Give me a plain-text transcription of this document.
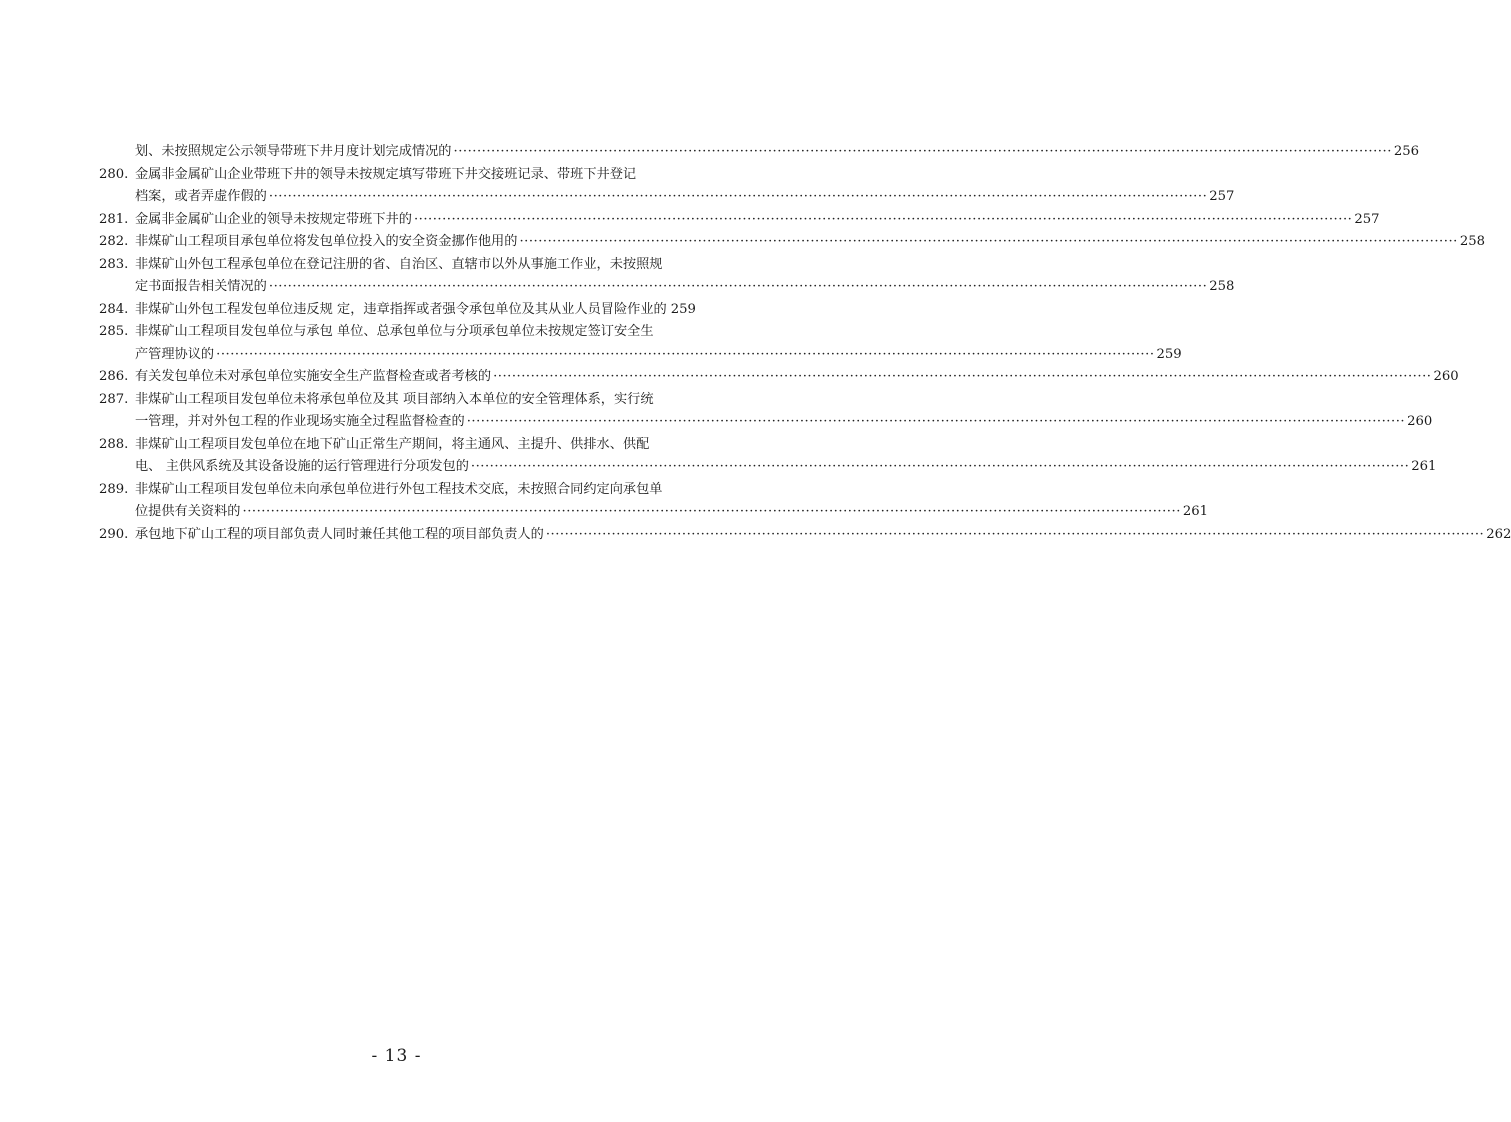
划、未按照规定公示领导带班下井月度计划完成情况的 ········································································································································································································ 256
280. 金属非金属矿山企业带班下井的领导未按规定填写带班下井交接班记录、带班下井登记
档案，或者弄虚作假的 ········································································································································································································ 257
281. 金属非金属矿山企业的领导未按规定带班下井的 ········································································································································································································ 257
282. 非煤矿山工程项目承包单位将发包单位投入的安全资金挪作他用的 ········································································································································································································ 258
283. 非煤矿山外包工程承包单位在登记注册的省、自治区、直辖市以外从事施工作业，未按照规
定书面报告相关情况的 ········································································································································································································ 258
284. 非煤矿山外包工程发包单位违反规 定，违章指挥或者强令承包单位及其从业人员冒险作业的 259
285. 非煤矿山工程项目发包单位与承包 单位、总承包单位与分项承包单位未按规定签订安全生
产管理协议的 ········································································································································································································ 259
286. 有关发包单位未对承包单位实施安全生产监督检查或者考核的 ········································································································································································································ 260
287. 非煤矿山工程项目发包单位未将承包单位及其 项目部纳入本单位的安全管理体系，实行统
一管理，并对外包工程的作业现场实施全过程监督检查的 ········································································································································································································ 260
288. 非煤矿山工程项目发包单位在地下矿山正常生产期间，将主通风、主提升、供排水、供配
电、 主供风系统及其设备设施的运行管理进行分项发包的 ········································································································································································································ 261
289. 非煤矿山工程项目发包单位未向承包单位进行外包工程技术交底，未按照合同约定向承包单
位提供有关资料的 ········································································································································································································ 261
290. 承包地下矿山工程的项目部负责人同时兼任其他工程的项目部负责人的 ········································································································································································································ 262
- 13 -
